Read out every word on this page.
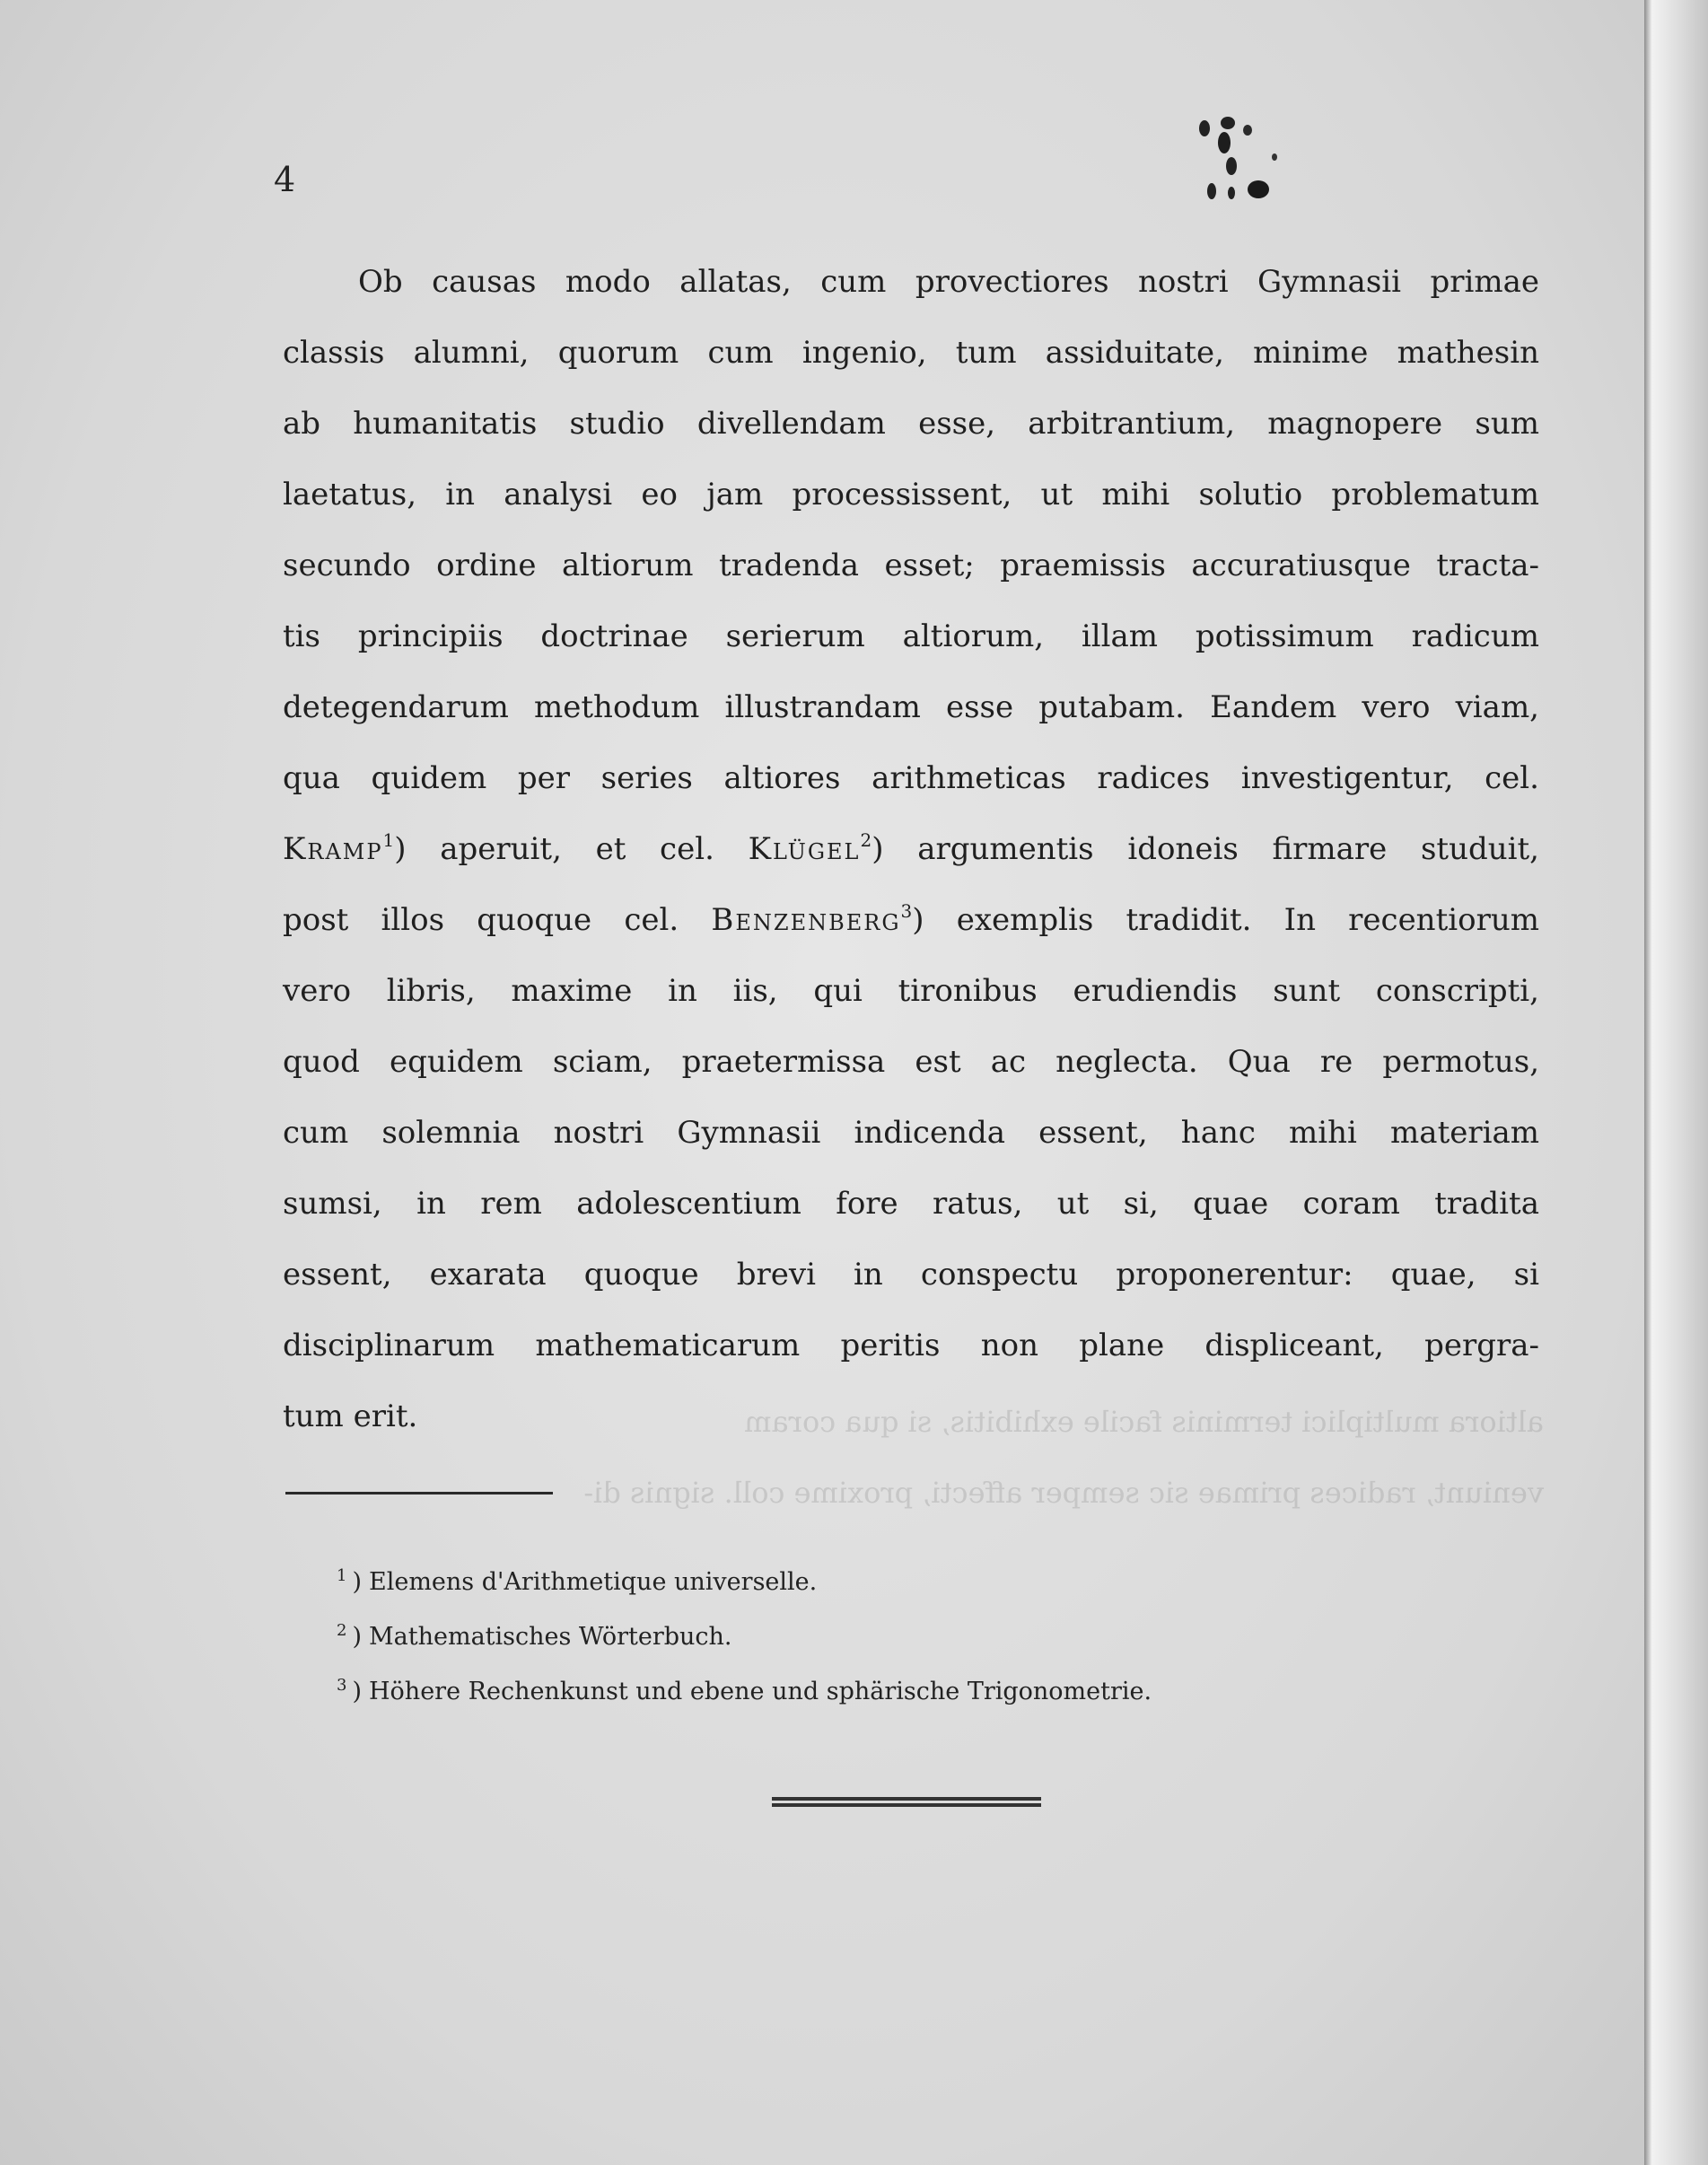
altiora multiplici terminis facile exhibitis, si qua coram
veniunt, radices primae sic semper affecti, proxime coll. signis di-
4

Ob causas modo allatas, cum provectiores nostri Gymnasii primae
classis alumni, quorum cum ingenio, tum assiduitate, minime mathesin
ab humanitatis studio divellendam esse, arbitrantium, magnopere sum
laetatus, in analysi eo jam processissent, ut mihi solutio problematum
secundo ordine altiorum tradenda esset; praemissis accuratiusque tracta-
tis principiis doctrinae serierum altiorum, illam potissimum radicum
detegendarum methodum illustrandam esse putabam. Eandem vero viam,
qua quidem per series altiores arithmeticas radices investigentur, cel.
Kramp$^1$) aperuit, et cel. Klügel$^2$) argumentis idoneis firmare studuit,
post illos quoque cel. Benzenberg$^3$) exemplis tradidit. In recentiorum
vero libris, maxime in iis, qui tironibus erudiendis sunt conscripti,
quod equidem sciam, praetermissa est ac neglecta. Qua re permotus,
cum solemnia nostri Gymnasii indicenda essent, hanc mihi materiam
sumsi, in rem adolescentium fore ratus, ut si, quae coram tradita
essent, exarata quoque brevi in conspectu proponerentur: quae, si
disciplinarum mathematicarum peritis non plane displiceant, pergra-
tum erit.

$^1$ ) Elemens d'Arithmetique universelle.
$^2$ ) Mathematisches Wörterbuch.
$^3$ ) Höhere Rechenkunst und ebene und sphärische Trigonometrie.
